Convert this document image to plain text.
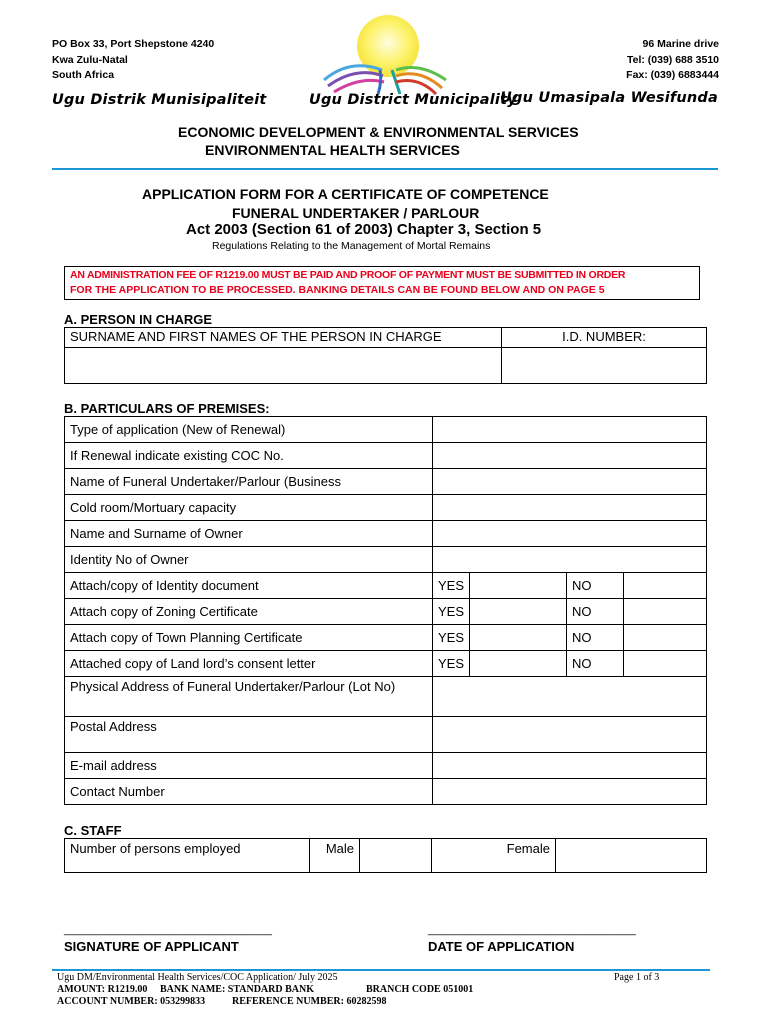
PO Box 33, Port Shepstone 4240
Kwa Zulu-Natal
South Africa
96 Marine drive
Tel: (039) 688 3510
Fax: (039) 6883444
Ugu Distrik Munisipaliteit	Ugu District Municipality
Ugu Umasipala Wesifunda
ECONOMIC DEVELOPMENT & ENVIRONMENTAL SERVICES
ENVIRONMENTAL HEALTH SERVICES
APPLICATION FORM FOR A CERTIFICATE OF COMPETENCE
FUNERAL UNDERTAKER / PARLOUR
Act 2003 (Section 61 of 2003) Chapter 3, Section 5
Regulations Relating to the Management of Mortal Remains
AN ADMINISTRATION FEE OF R1219.00 MUST BE PAID AND PROOF OF PAYMENT MUST BE SUBMITTED IN ORDER
FOR THE APPLICATION TO BE PROCESSED. BANKING DETAILS CAN BE FOUND BELOW AND ON PAGE 5
A. PERSON IN CHARGE
SURNAME AND FIRST NAMES OF THE PERSON IN CHARGE	I.D. NUMBER:

B. PARTICULARS OF PREMISES:
Type of application (New of Renewal)				
If Renewal indicate existing COC No.				
Name of Funeral Undertaker/Parlour (Business				
Cold room/Mortuary capacity				
Name and Surname of Owner				
Identity No of Owner				
Attach/copy of Identity document	YES		NO	
Attach copy of Zoning Certificate	YES		NO	
Attach copy of Town Planning Certificate	YES		NO	
Attached copy of Land lord’s consent letter	YES		NO	
Physical Address of Funeral Undertaker/Parlour (Lot No)				
Postal Address				
E-mail address				
Contact Number				
C. STAFF
Number of persons employed	Male		Female	
__________________________________	__________________________________
SIGNATURE OF APPLICANT	DATE OF APPLICATION
Ugu DM/Environmental Health Services/COC Application/ July 2025	Page 1 of 3
AMOUNT: R1219.00 BANK NAME: STANDARD BANK	BRANCH CODE 051001
ACCOUNT NUMBER: 053299833	REFERENCE NUMBER: 60282598
